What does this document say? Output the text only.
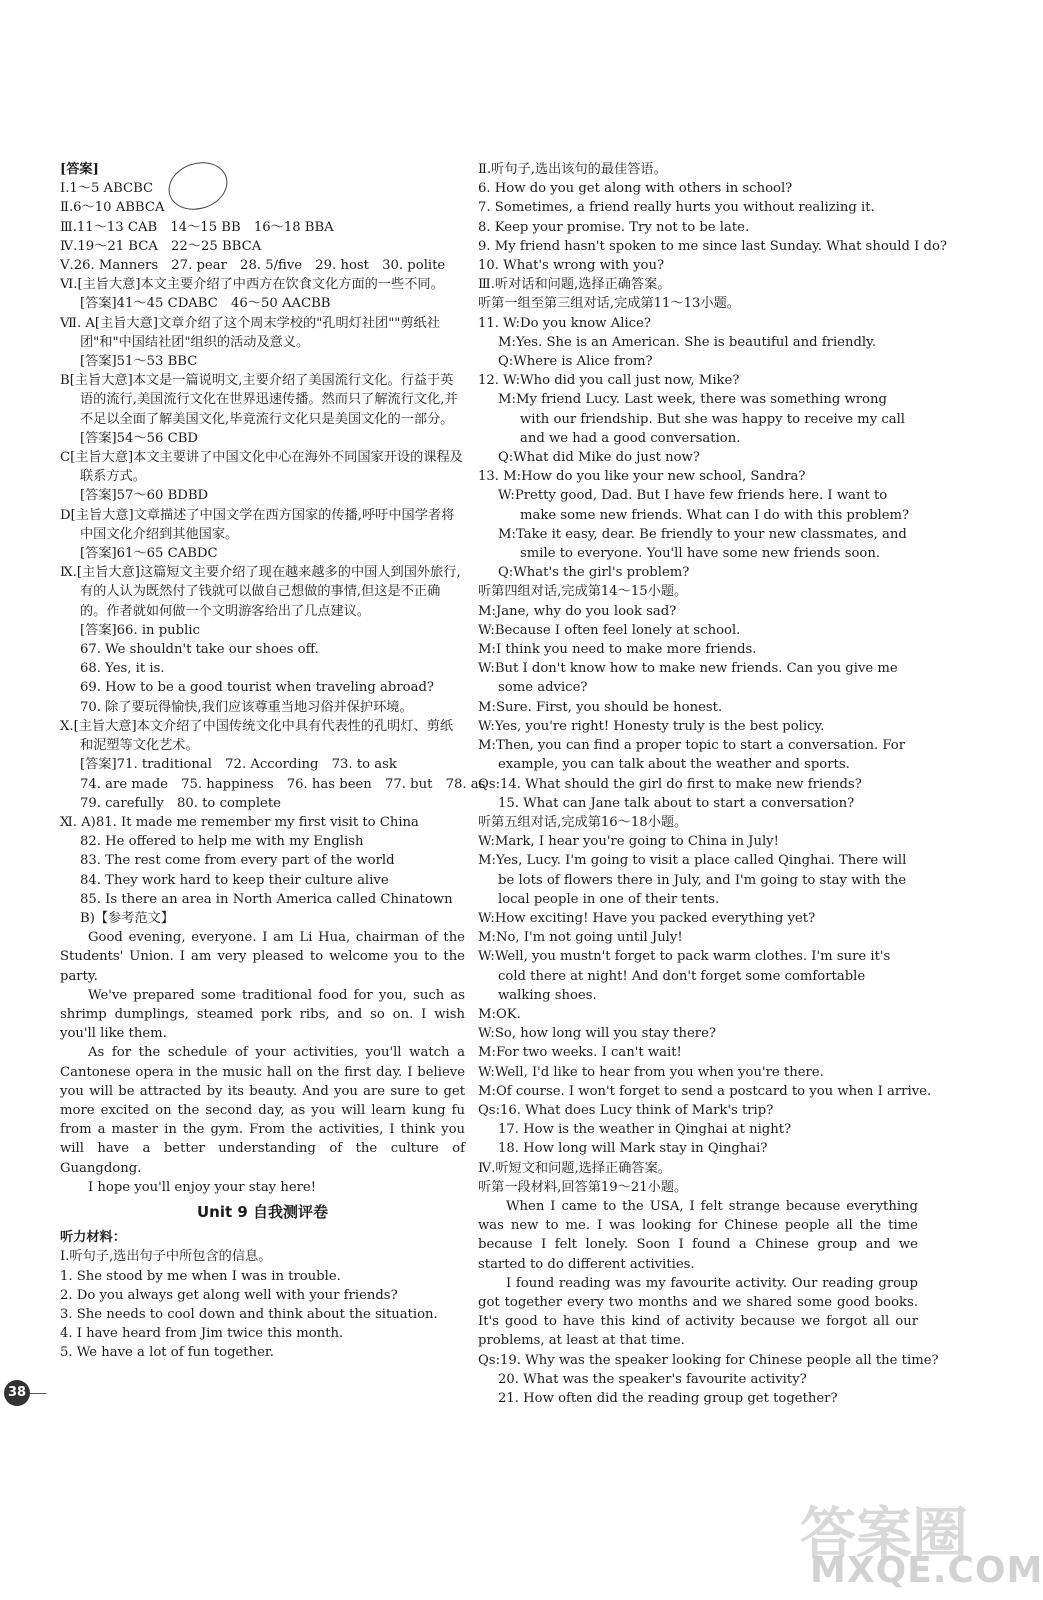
[答案]
Ⅰ.1～5 ABCBC
Ⅱ.6～10 ABBCA
Ⅲ.11～13 CAB　14～15 BB　16～18 BBA
Ⅳ.19～21 BCA　22～25 BBCA
Ⅴ.26. Manners　27. pear　28. 5/five　29. host　30. polite
Ⅵ.[主旨大意]本文主要介绍了中西方在饮食文化方面的一些不同。
[答案]41～45 CDABC　46～50 AACBB
Ⅶ. A[主旨大意]文章介绍了这个周末学校的"孔明灯社团""剪纸社团"和"中国结社团"组织的活动及意义。
[答案]51～53 BBC
B[主旨大意]本文是一篇说明文,主要介绍了美国流行文化。行益于英语的流行,美国流行文化在世界迅速传播。然而只了解流行文化,并不足以全面了解美国文化,毕竟流行文化只是美国文化的一部分。
[答案]54～56 CBD
C[主旨大意]本文主要讲了中国文化中心在海外不同国家开设的课程及联系方式。
[答案]57～60 BDBD
D[主旨大意]文章描述了中国文学在西方国家的传播,呼吁中国学者将中国文化介绍到其他国家。
[答案]61～65 CABDC
Ⅸ.[主旨大意]这篇短文主要介绍了现在越来越多的中国人到国外旅行,有的人认为既然付了钱就可以做自己想做的事情,但这是不正确的。作者就如何做一个文明游客给出了几点建议。
[答案]66. in public
67. We shouldn't take our shoes off.
68. Yes, it is.
69. How to be a good tourist when traveling abroad?
70. 除了要玩得愉快,我们应该尊重当地习俗并保护环境。
Ⅹ.[主旨大意]本文介绍了中国传统文化中具有代表性的孔明灯、剪纸和泥塑等文化艺术。
[答案]71. traditional　72. According　73. to ask
74. are made　75. happiness　76. has been　77. but　78. as
79. carefully　80. to complete
Ⅺ. A)81. It made me remember my first visit to China
82. He offered to help me with my English
83. The rest come from every part of the world
84. They work hard to keep their culture alive
85. Is there an area in North America called Chinatown
B)【参考范文】
Good evening, everyone. I am Li Hua, chairman of the Students' Union. I am very pleased to welcome you to the party.
We've prepared some traditional food for you, such as shrimp dumplings, steamed pork ribs, and so on. I wish you'll like them.
As for the schedule of your activities, you'll watch a Cantonese opera in the music hall on the first day. I believe you will be attracted by its beauty. And you are sure to get more excited on the second day, as you will learn kung fu from a master in the gym. From the activities, I think you will have a better understanding of the culture of Guangdong.
I hope you'll enjoy your stay here!
Unit 9 自我测评卷
听力材料：
Ⅰ.听句子,选出句子中所包含的信息。
1. She stood by me when I was in trouble.
2. Do you always get along well with your friends?
3. She needs to cool down and think about the situation.
4. I have heard from Jim twice this month.
5. We have a lot of fun together.
Ⅱ.听句子,选出该句的最佳答语。
6. How do you get along with others in school?
7. Sometimes, a friend really hurts you without realizing it.
8. Keep your promise. Try not to be late.
9. My friend hasn't spoken to me since last Sunday. What should I do?
10. What's wrong with you?
Ⅲ.听对话和问题,选择正确答案。
听第一组至第三组对话,完成第11～13小题。
11. W:Do you know Alice?
M:Yes. She is an American. She is beautiful and friendly.
Q:Where is Alice from?
12. W:Who did you call just now, Mike?
M:My friend Lucy. Last week, there was something wrong with our friendship. But she was happy to receive my call and we had a good conversation.
Q:What did Mike do just now?
13. M:How do you like your new school, Sandra?
W:Pretty good, Dad. But I have few friends here. I want to make some new friends. What can I do with this problem?
M:Take it easy, dear. Be friendly to your new classmates, and smile to everyone. You'll have some new friends soon.
Q:What's the girl's problem?
听第四组对话,完成第14～15小题。
M:Jane, why do you look sad?
W:Because I often feel lonely at school.
M:I think you need to make more friends.
W:But I don't know how to make new friends. Can you give me some advice?
M:Sure. First, you should be honest.
W:Yes, you're right! Honesty truly is the best policy.
M:Then, you can find a proper topic to start a conversation. For example, you can talk about the weather and sports.
Qs:14. What should the girl do first to make new friends?
15. What can Jane talk about to start a conversation?
听第五组对话,完成第16～18小题。
W:Mark, I hear you're going to China in July!
M:Yes, Lucy. I'm going to visit a place called Qinghai. There will be lots of flowers there in July, and I'm going to stay with the local people in one of their tents.
W:How exciting! Have you packed everything yet?
M:No, I'm not going until July!
W:Well, you mustn't forget to pack warm clothes. I'm sure it's cold there at night! And don't forget some comfortable walking shoes.
M:OK.
W:So, how long will you stay there?
M:For two weeks. I can't wait!
W:Well, I'd like to hear from you when you're there.
M:Of course. I won't forget to send a postcard to you when I arrive.
Qs:16. What does Lucy think of Mark's trip?
17. How is the weather in Qinghai at night?
18. How long will Mark stay in Qinghai?
Ⅳ.听短文和问题,选择正确答案。
听第一段材料,回答第19～21小题。
When I came to the USA, I felt strange because everything was new to me. I was looking for Chinese people all the time because I felt lonely. Soon I found a Chinese group and we started to do different activities.
I found reading was my favourite activity. Our reading group got together every two months and we shared some good books. It's good to have this kind of activity because we forgot all our problems, at least at that time.
Qs:19. Why was the speaker looking for Chinese people all the time?
20. What was the speaker's favourite activity?
21. How often did the reading group get together?
38
答案圈
MXQE.COM
